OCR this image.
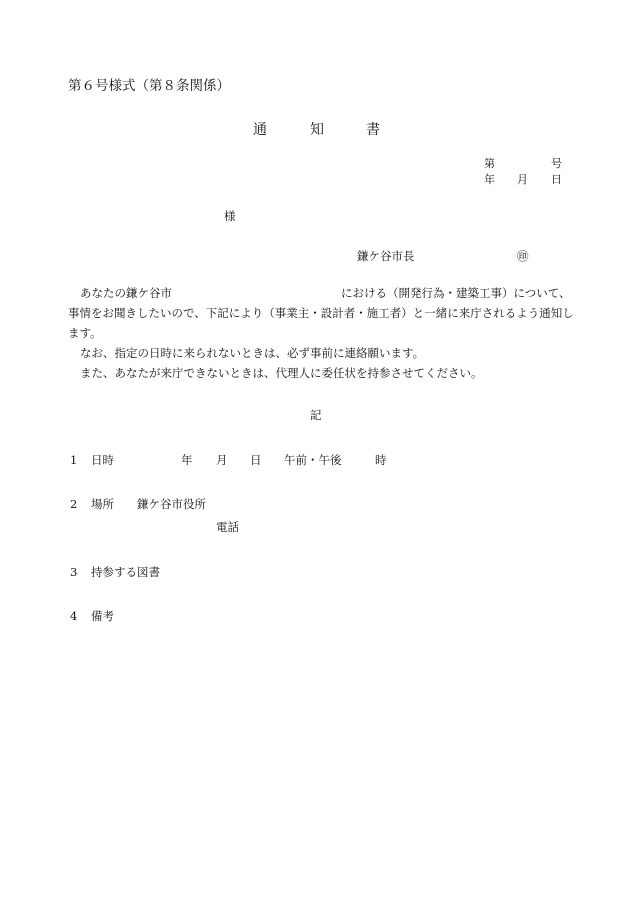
第６号様式（第８条関係）
通	知	書
第	号
年 月 日
様
鎌ケ谷市長	㊞
あなたの鎌ケ谷市	における（開発行為・建築工事）について、
事情をお聞きしたいので、下記により（事業主・設計者・施工者）と一緒に来庁されるよう通知し
ます。
なお、指定の日時に来られないときは、必ず事前に連絡願います。
また、あなたが来庁できないときは、代理人に委任状を持参させてください。
記
1 日時	年 月 日 午前・午後	時
2 場所 鎌ケ谷市役所
電話
3 持参する図書
4 備考
